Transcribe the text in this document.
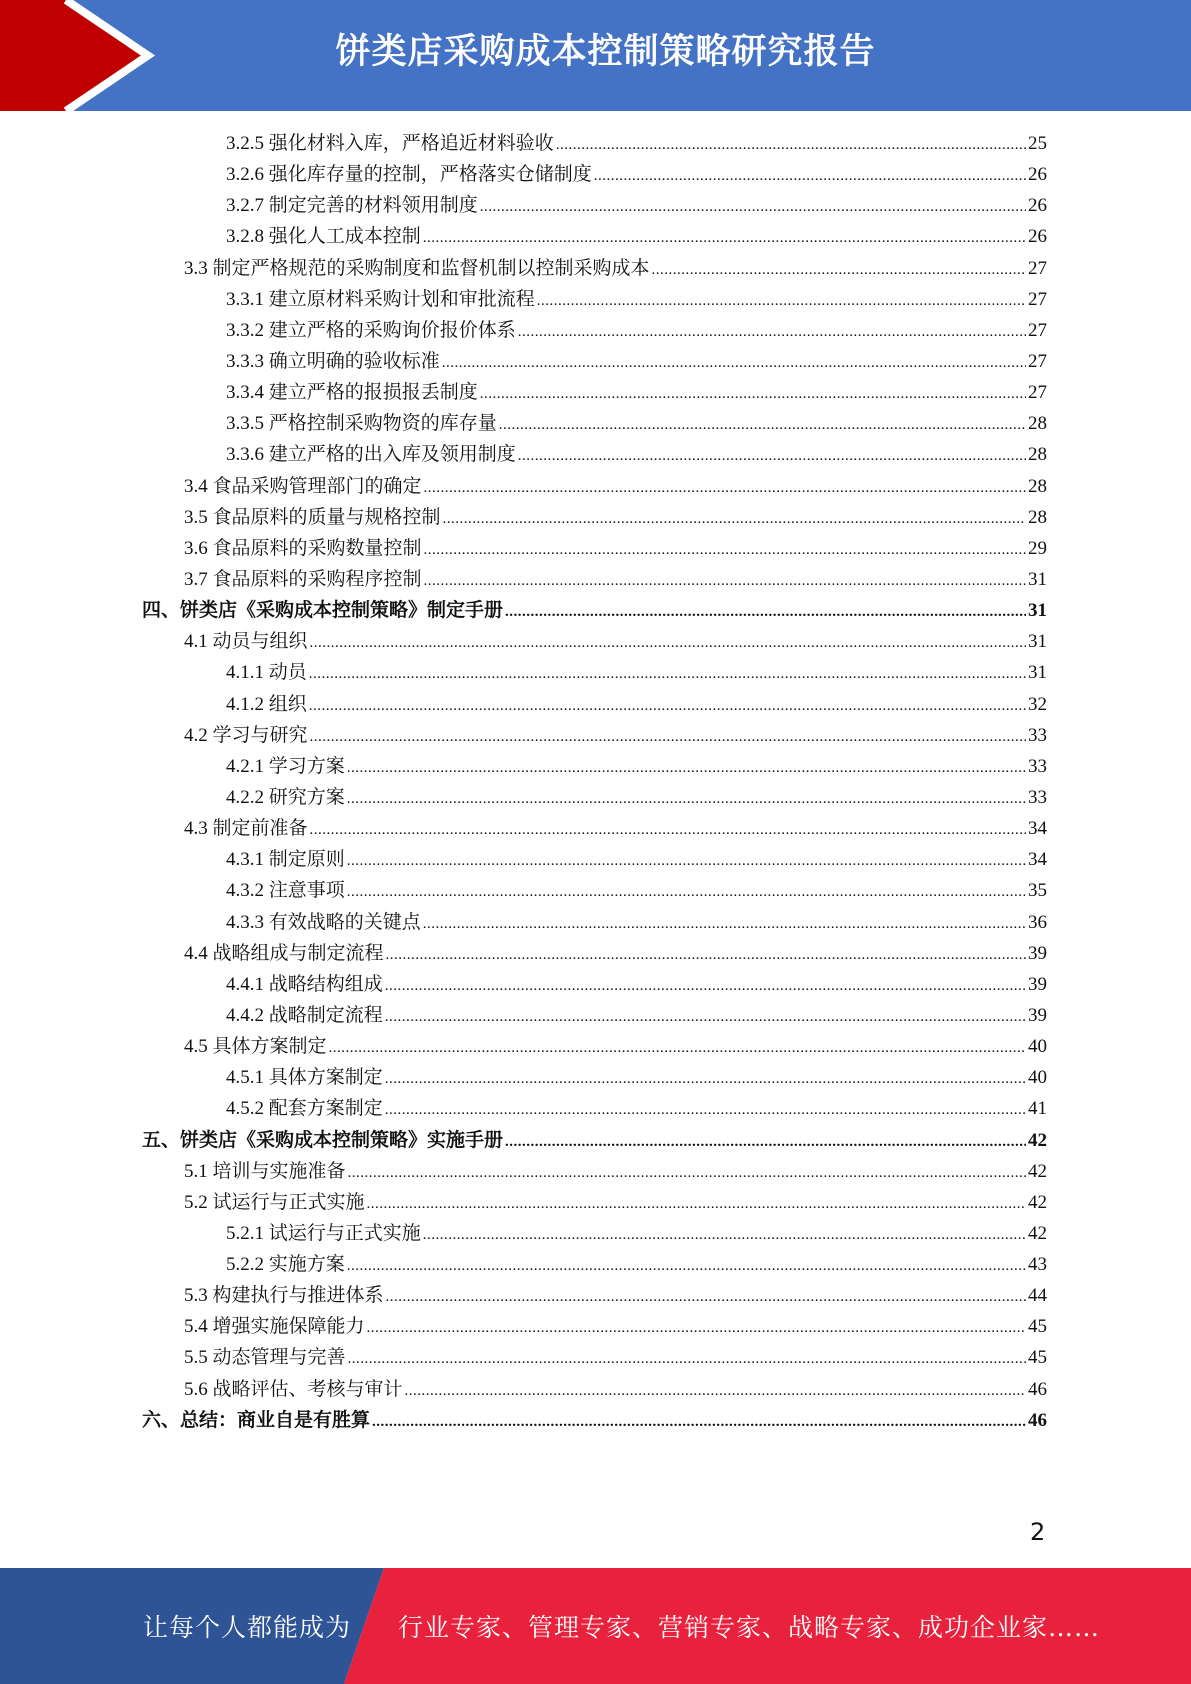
饼类店采购成本控制策略研究报告
3.2.5 强化材料入库，严格追近材料验收 .....	25
3.2.6 强化库存量的控制，严格落实仓储制度 .....	26
3.2.7 制定完善的材料领用制度 .....	26
3.2.8 强化人工成本控制 .....	26
3.3 制定严格规范的采购制度和监督机制以控制采购成本 .....	27
3.3.1 建立原材料采购计划和审批流程 .....	27
3.3.2 建立严格的采购询价报价体系 .....	27
3.3.3 确立明确的验收标准 .....	27
3.3.4 建立严格的报损报丢制度 .....	27
3.3.5 严格控制采购物资的库存量 .....	28
3.3.6 建立严格的出入库及领用制度 .....	28
3.4 食品采购管理部门的确定 .....	28
3.5 食品原料的质量与规格控制 .....	28
3.6 食品原料的采购数量控制 .....	29
3.7 食品原料的采购程序控制 .....	31
四、饼类店《采购成本控制策略》制定手册 .....	31
4.1 动员与组织 .....	31
4.1.1 动员 .....	31
4.1.2 组织 .....	32
4.2 学习与研究 .....	33
4.2.1 学习方案 .....	33
4.2.2 研究方案 .....	33
4.3 制定前准备 .....	34
4.3.1 制定原则 .....	34
4.3.2 注意事项 .....	35
4.3.3 有效战略的关键点 .....	36
4.4 战略组成与制定流程 .....	39
4.4.1 战略结构组成 .....	39
4.4.2 战略制定流程 .....	39
4.5 具体方案制定 .....	40
4.5.1 具体方案制定 .....	40
4.5.2 配套方案制定 .....	41
五、饼类店《采购成本控制策略》实施手册 .....	42
5.1 培训与实施准备 .....	42
5.2 试运行与正式实施 .....	42
5.2.1 试运行与正式实施 .....	42
5.2.2 实施方案 .....	43
5.3 构建执行与推进体系 .....	44
5.4 增强实施保障能力 .....	45
5.5 动态管理与完善 .....	45
5.6 战略评估、考核与审计 .....	46
六、总结：商业自是有胜算 .....	46
2
让每个人都能成为 行业专家、管理专家、营销专家、战略专家、成功企业家……
